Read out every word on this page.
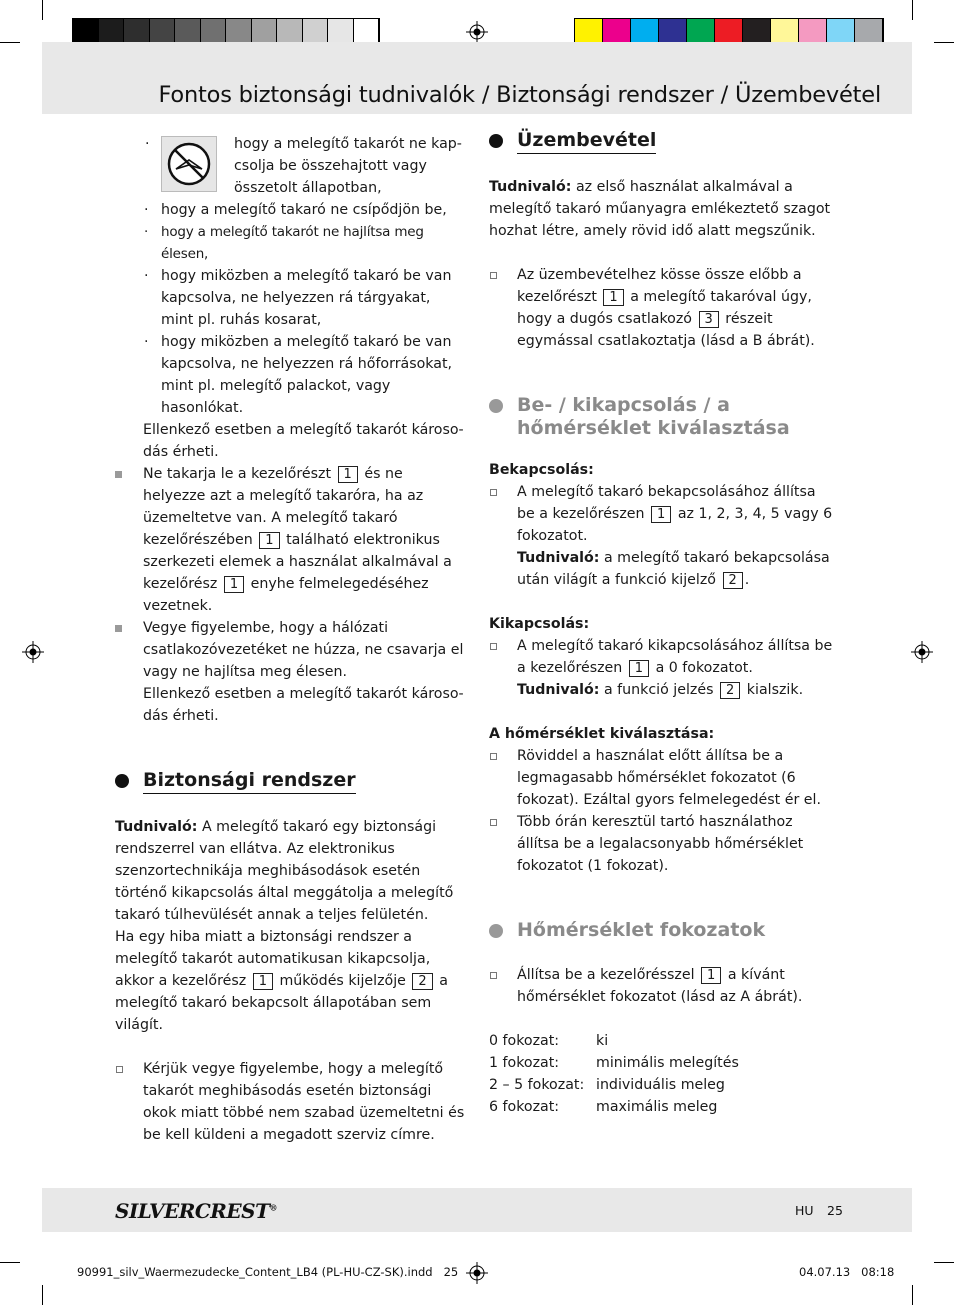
Fontos biztonsági tudnivalók / Biztonsági rendszer / Üzembevétel
·	hogy a melegítő takarót ne kapcsolja be összehajtott vagy összetolt állapotban,
· hogy a melegítő takaró ne csípődjön be,
· hogy a melegítő takarót ne hajlítsa meg élesen,
· hogy miközben a melegítő takaró be van kapcsolva, ne helyezzen rá tárgyakat, mint pl. ruhás kosarat,
· hogy miközben a melegítő takaró be van kapcsolva, ne helyezzen rá hőforrásokat, mint pl. melegítő palackot, vagy hasonlókat.
Ellenkező esetben a melegítő takarót károsodás érheti.
Ne takarja le a kezelőrészt 1 és ne helyezze azt a melegítő takaróra, ha az üzemeltetve van. A melegítő takaró kezelőrészében 1 található elektronikus szerkezeti elemek a használat alkalmával a kezelőrész 1 enyhe felmelegedéséhez vezetnek.
Vegye figyelembe, hogy a hálózati csatlakozóvezetéket ne húzza, ne csavarja el vagy ne hajlítsa meg élesen.
Ellenkező esetben a melegítő takarót károsodás érheti.
Biztonsági rendszer
Tudnivaló: A melegítő takaró egy biztonsági rendszerrel van ellátva. Az elektronikus szenzortechnikája meghibásodások esetén történő kikapcsolás által meggátolja a melegítő takaró túlhevülését annak a teljes felületén.
Ha egy hiba miatt a biztonsági rendszer a melegítő takarót automatikusan kikapcsolja, akkor a kezelőrész 1 működés kijelzője 2 a melegítő takaró bekapcsolt állapotában sem világít.
Kérjük vegye figyelembe, hogy a melegítő takarót meghibásodás esetén biztonsági okok miatt többé nem szabad üzemeltetni és be kell küldeni a megadott szerviz címre.
Üzembevétel
Tudnivaló: az első használat alkalmával a melegítő takaró műanyagra emlékeztető szagot hozhat létre, amely rövid idő alatt megszűnik.
Az üzembevételhez kösse össze előbb a kezelőrészt 1 a melegítő takaróval úgy, hogy a dugós csatlakozó 3 részeit egymással csatlakoztatja (lásd a B ábrát).
Be- / kikapcsolás / a hőmérséklet kiválasztása
Bekapcsolás:
A melegítő takaró bekapcsolásához állítsa be a kezelőrészen 1 az 1, 2, 3, 4, 5 vagy 6 fokozatot.
Tudnivaló: a melegítő takaró bekapcsolása után világít a funkció kijelző 2 .
Kikapcsolás:
A melegítő takaró kikapcsolásához állítsa be a kezelőrészen 1 a 0 fokozatot.
Tudnivaló: a funkció jelzés 2 kialszik.
A hőmérséklet kiválasztása:
Röviddel a használat előtt állítsa be a legmagasabb hőmérséklet fokozatot (6 fokozat). Ezáltal gyors felmelegedést ér el.
Több órán keresztül tartó használathoz állítsa be a legalacsonyabb hőmérséklet fokozatot (1 fokozat).
Hőmérséklet fokozatok
Állítsa be a kezelőrésszel 1 a kívánt hőmérséklet fokozatot (lásd az A ábrát).
0 fokozat:	ki
1 fokozat:	minimális melegítés
2 – 5 fokozat: individuális meleg
6 fokozat:	maximális meleg
SILVERCREST®	HU 25
90991_silv_Waermezudecke_Content_LB4 (PL-HU-CZ-SK).indd   25	04.07.13   08:18
